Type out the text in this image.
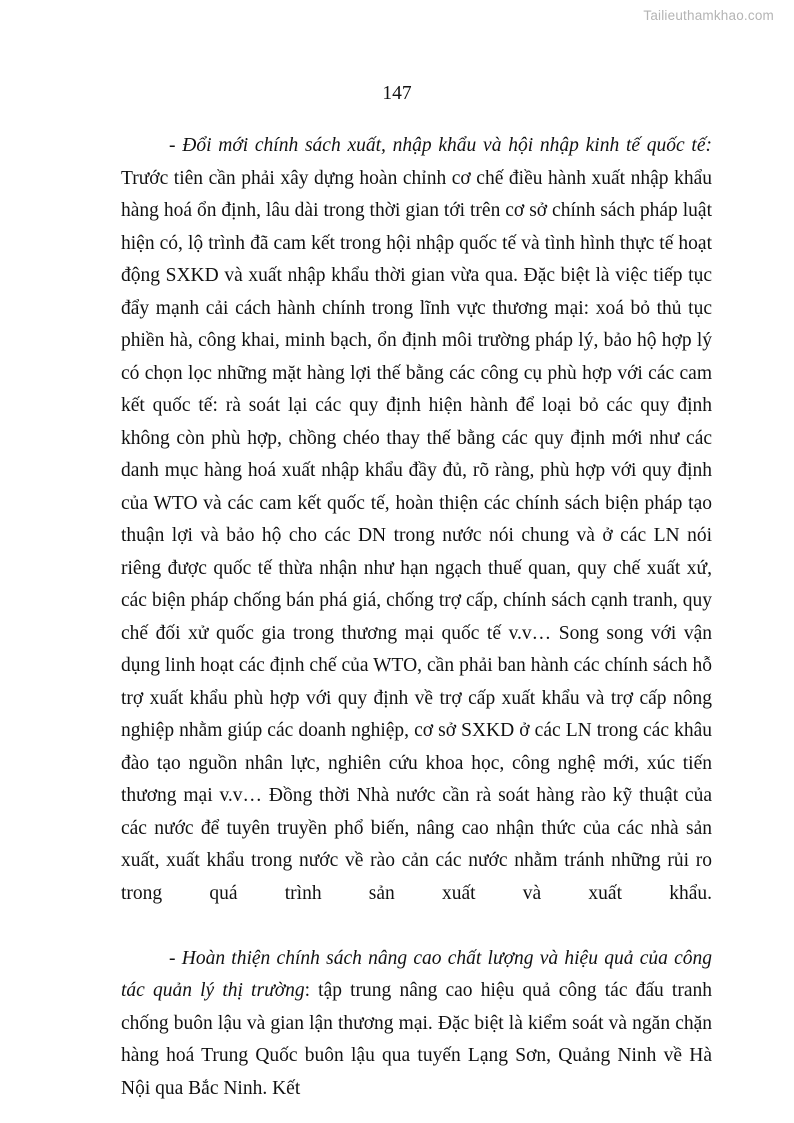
Tailieuthamkhao.com
147

- Đổi mới chính sách xuất, nhập khẩu và hội nhập kinh tế quốc tế: Trước tiên cần phải xây dựng hoàn chỉnh cơ chế điều hành xuất nhập khẩu hàng hoá ổn định, lâu dài trong thời gian tới trên cơ sở chính sách pháp luật hiện có, lộ trình đã cam kết trong hội nhập quốc tế và tình hình thực tế hoạt động SXKD và xuất nhập khẩu thời gian vừa qua. Đặc biệt là việc tiếp tục đẩy mạnh cải cách hành chính trong lĩnh vực thương mại: xoá bỏ thủ tục phiền hà, công khai, minh bạch, ổn định môi trường pháp lý, bảo hộ hợp lý có chọn lọc những mặt hàng lợi thế bằng các công cụ phù hợp với các cam kết quốc tế: rà soát lại các quy định hiện hành để loại bỏ các quy định không còn phù hợp, chồng chéo thay thế bằng các quy định mới như các danh mục hàng hoá xuất nhập khẩu đầy đủ, rõ ràng, phù hợp với quy định của WTO và các cam kết quốc tế, hoàn thiện các chính sách biện pháp tạo thuận lợi và bảo hộ cho các DN trong nước nói chung và ở các LN nói riêng được quốc tế thừa nhận như hạn ngạch thuế quan, quy chế xuất xứ, các biện pháp chống bán phá giá, chống trợ cấp, chính sách cạnh tranh, quy chế đối xử quốc gia trong thương mại quốc tế v.v… Song song với vận dụng linh hoạt các định chế của WTO, cần phải ban hành các chính sách hỗ trợ xuất khẩu phù hợp với quy định về trợ cấp xuất khẩu và trợ cấp nông nghiệp nhằm giúp các doanh nghiệp, cơ sở SXKD ở các LN trong các khâu đào tạo nguồn nhân lực, nghiên cứu khoa học, công nghệ mới, xúc tiến thương mại v.v… Đồng thời Nhà nước cần rà soát hàng rào kỹ thuật của các nước để tuyên truyền phổ biến, nâng cao nhận thức của các nhà sản xuất, xuất khẩu trong nước về rào cản các nước nhằm tránh những rủi ro trong quá trình sản xuất và xuất khẩu.

- Hoàn thiện chính sách nâng cao chất lượng và hiệu quả của công tác quản lý thị trường: tập trung nâng cao hiệu quả công tác đấu tranh chống buôn lậu và gian lận thương mại. Đặc biệt là kiểm soát và ngăn chặn hàng hoá Trung Quốc buôn lậu qua tuyến Lạng Sơn, Quảng Ninh về Hà Nội qua Bắc Ninh. Kết
